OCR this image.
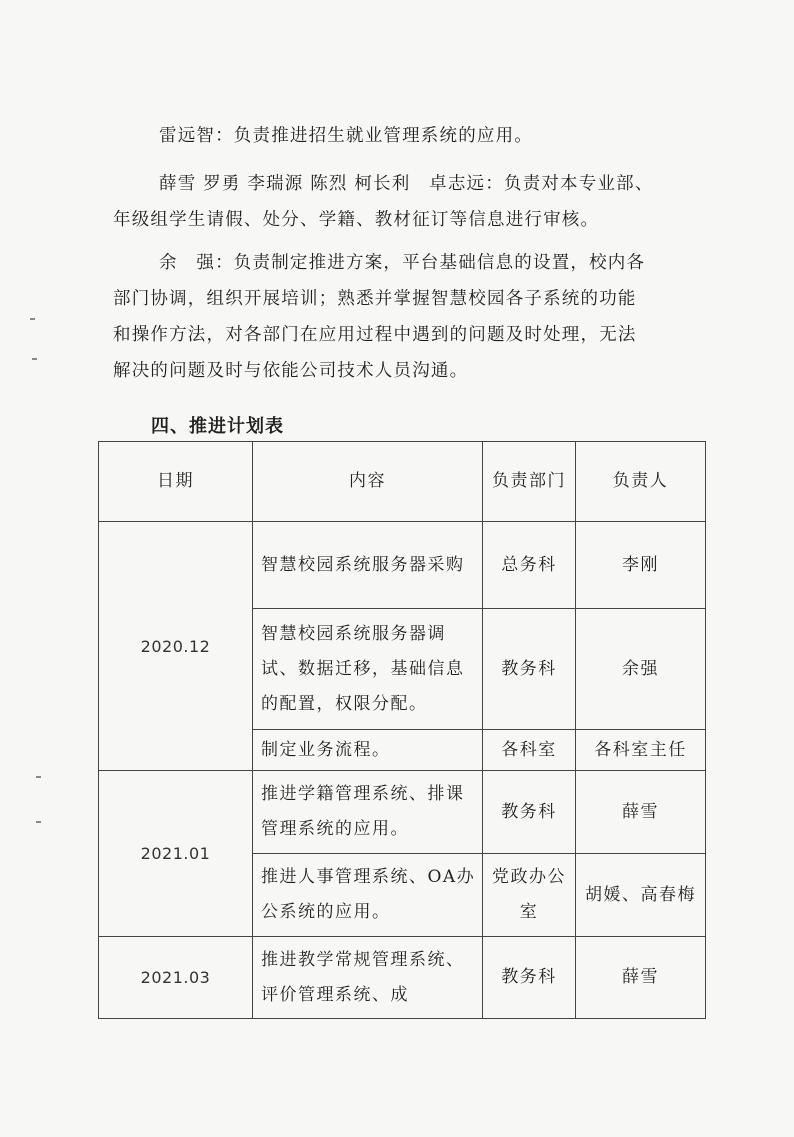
雷远智：负责推进招生就业管理系统的应用。
薛雪 罗勇 李瑞源 陈烈 柯长利　卓志远：负责对本专业部、
年级组学生请假、处分、学籍、教材征订等信息进行审核。
余　强：负责制定推进方案，平台基础信息的设置，校内各
部门协调，组织开展培训；熟悉并掌握智慧校园各子系统的功能
和操作方法，对各部门在应用过程中遇到的问题及时处理，无法
解决的问题及时与依能公司技术人员沟通。
四、推进计划表
日期	内容	负责部门	负责人
2020.12	智慧校园系统服务器采购	总务科	李刚
	智慧校园系统服务器调试、数据迁移，基础信息的配置，权限分配。	教务科	余强
	制定业务流程。	各科室	各科室主任
2021.01	推进学籍管理系统、排课管理系统的应用。	教务科	薛雪
	推进人事管理系统、OA办公系统的应用。	党政办公室	胡媛、高春梅
2021.03	推进教学常规管理系统、评价管理系统、成	教务科	薛雪
